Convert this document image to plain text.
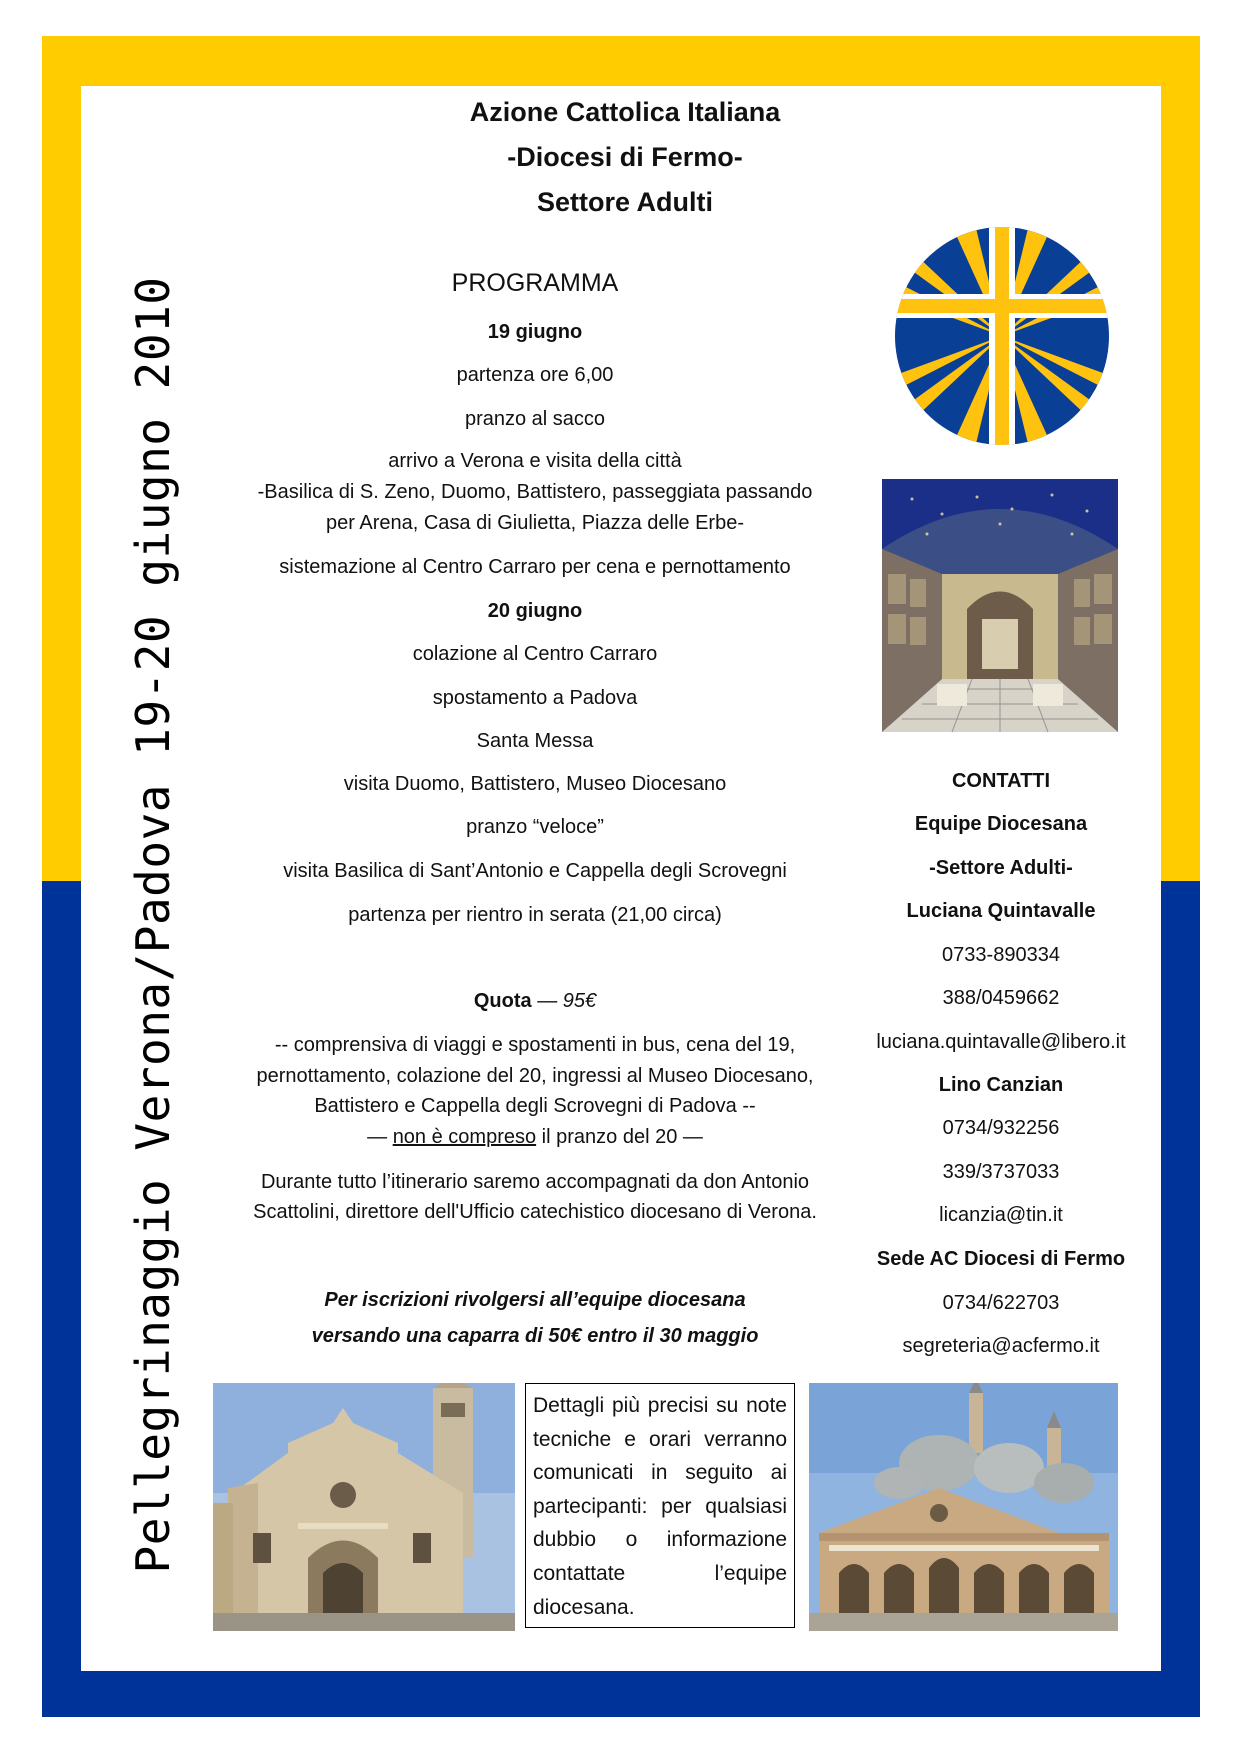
Pellegrinaggio Verona/Padova 19-20 giugno 2010
Azione Cattolica Italiana
-Diocesi di Fermo-
Settore Adulti
PROGRAMMA
19 giugno
partenza ore 6,00
pranzo al sacco
arrivo a Verona e visita della città
-Basilica di S. Zeno, Duomo, Battistero, passeggiata passando
per Arena, Casa di Giulietta, Piazza delle Erbe-
sistemazione al Centro Carraro per cena e pernottamento
20 giugno
colazione al Centro Carraro
spostamento a Padova
Santa Messa
visita Duomo, Battistero, Museo Diocesano
pranzo “veloce”
visita Basilica di Sant’Antonio e Cappella degli Scrovegni
partenza per rientro in serata (21,00 circa)
Quota — 95€
-- comprensiva di viaggi e spostamenti in bus, cena del 19,
pernottamento, colazione del 20, ingressi al Museo Diocesano,
Battistero e Cappella degli Scrovegni di Padova --
— non è compreso il pranzo del 20 —
Durante tutto l’itinerario saremo accompagnati da don Antonio
Scattolini, direttore dell'Ufficio catechistico diocesano di Verona.
Per iscrizioni rivolgersi all’equipe diocesana
versando una caparra di 50€ entro il 30 maggio
CONTATTI
Equipe Diocesana
-Settore Adulti-
Luciana Quintavalle
0733-890334
388/0459662
luciana.quintavalle@libero.it
Lino Canzian
0734/932256
339/3737033
licanzia@tin.it
Sede AC Diocesi di Fermo
0734/622703
segreteria@acfermo.it
Dettagli più precisi su note tecniche e orari verranno comunicati in seguito ai partecipanti: per qualsiasi dubbio o informazione contattate l’equipe diocesana.
